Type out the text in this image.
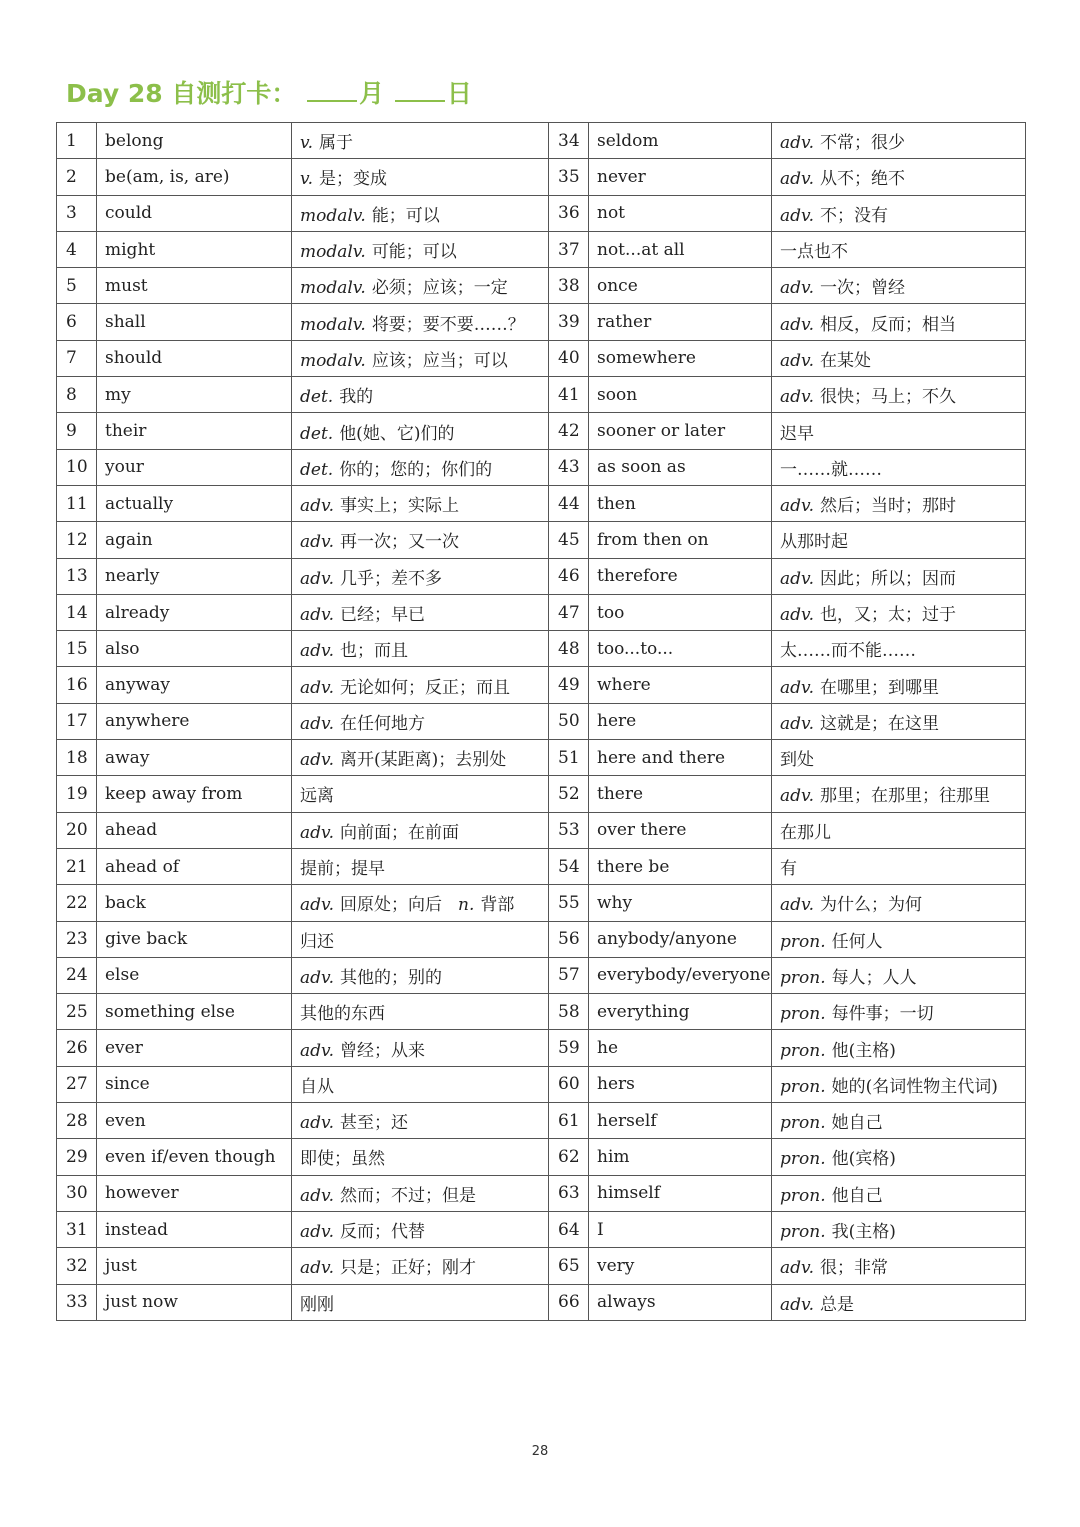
Day 28 自测打卡：	月	日
1	belong	v. 属于	34	seldom	adv. 不常；很少
2	be(am, is, are)	v. 是；变成	35	never	adv. 从不；绝不
3	could	modalv. 能；可以	36	not	adv. 不；没有
4	might	modalv. 可能；可以	37	not...at all	一点也不
5	must	modalv. 必须；应该；一定	38	once	adv. 一次；曾经
6	shall	modalv. 将要；要不要……？	39	rather	adv. 相反，反而；相当
7	should	modalv. 应该；应当；可以	40	somewhere	adv. 在某处
8	my	det. 我的	41	soon	adv. 很快；马上；不久
9	their	det. 他(她、它)们的	42	sooner or later	迟早
10	your	det. 你的；您的；你们的	43	as soon as	一……就……
11	actually	adv. 事实上；实际上	44	then	adv. 然后；当时；那时
12	again	adv. 再一次；又一次	45	from then on	从那时起
13	nearly	adv. 几乎；差不多	46	therefore	adv. 因此；所以；因而
14	already	adv. 已经；早已	47	too	adv. 也，又；太；过于
15	also	adv. 也；而且	48	too...to...	太……而不能……
16	anyway	adv. 无论如何；反正；而且	49	where	adv. 在哪里；到哪里
17	anywhere	adv. 在任何地方	50	here	adv. 这就是；在这里
18	away	adv. 离开(某距离)；去别处	51	here and there	到处
19	keep away from	远离	52	there	adv. 那里；在那里；往那里
20	ahead	adv. 向前面；在前面	53	over there	在那儿
21	ahead of	提前；提早	54	there be	有
22	back	adv. 回原处；向后 n. 背部	55	why	adv. 为什么；为何
23	give back	归还	56	anybody/anyone	pron. 任何人
24	else	adv. 其他的；别的	57	everybody/everyone	pron. 每人；人人
25	something else	其他的东西	58	everything	pron. 每件事；一切
26	ever	adv. 曾经；从来	59	he	pron. 他(主格)
27	since	自从	60	hers	pron. 她的(名词性物主代词)
28	even	adv. 甚至；还	61	herself	pron. 她自己
29	even if/even though	即使；虽然	62	him	pron. 他(宾格)
30	however	adv. 然而；不过；但是	63	himself	pron. 他自己
31	instead	adv. 反而；代替	64	I	pron. 我(主格)
32	just	adv. 只是；正好；刚才	65	very	adv. 很；非常
33	just now	刚刚	66	always	adv. 总是
28
